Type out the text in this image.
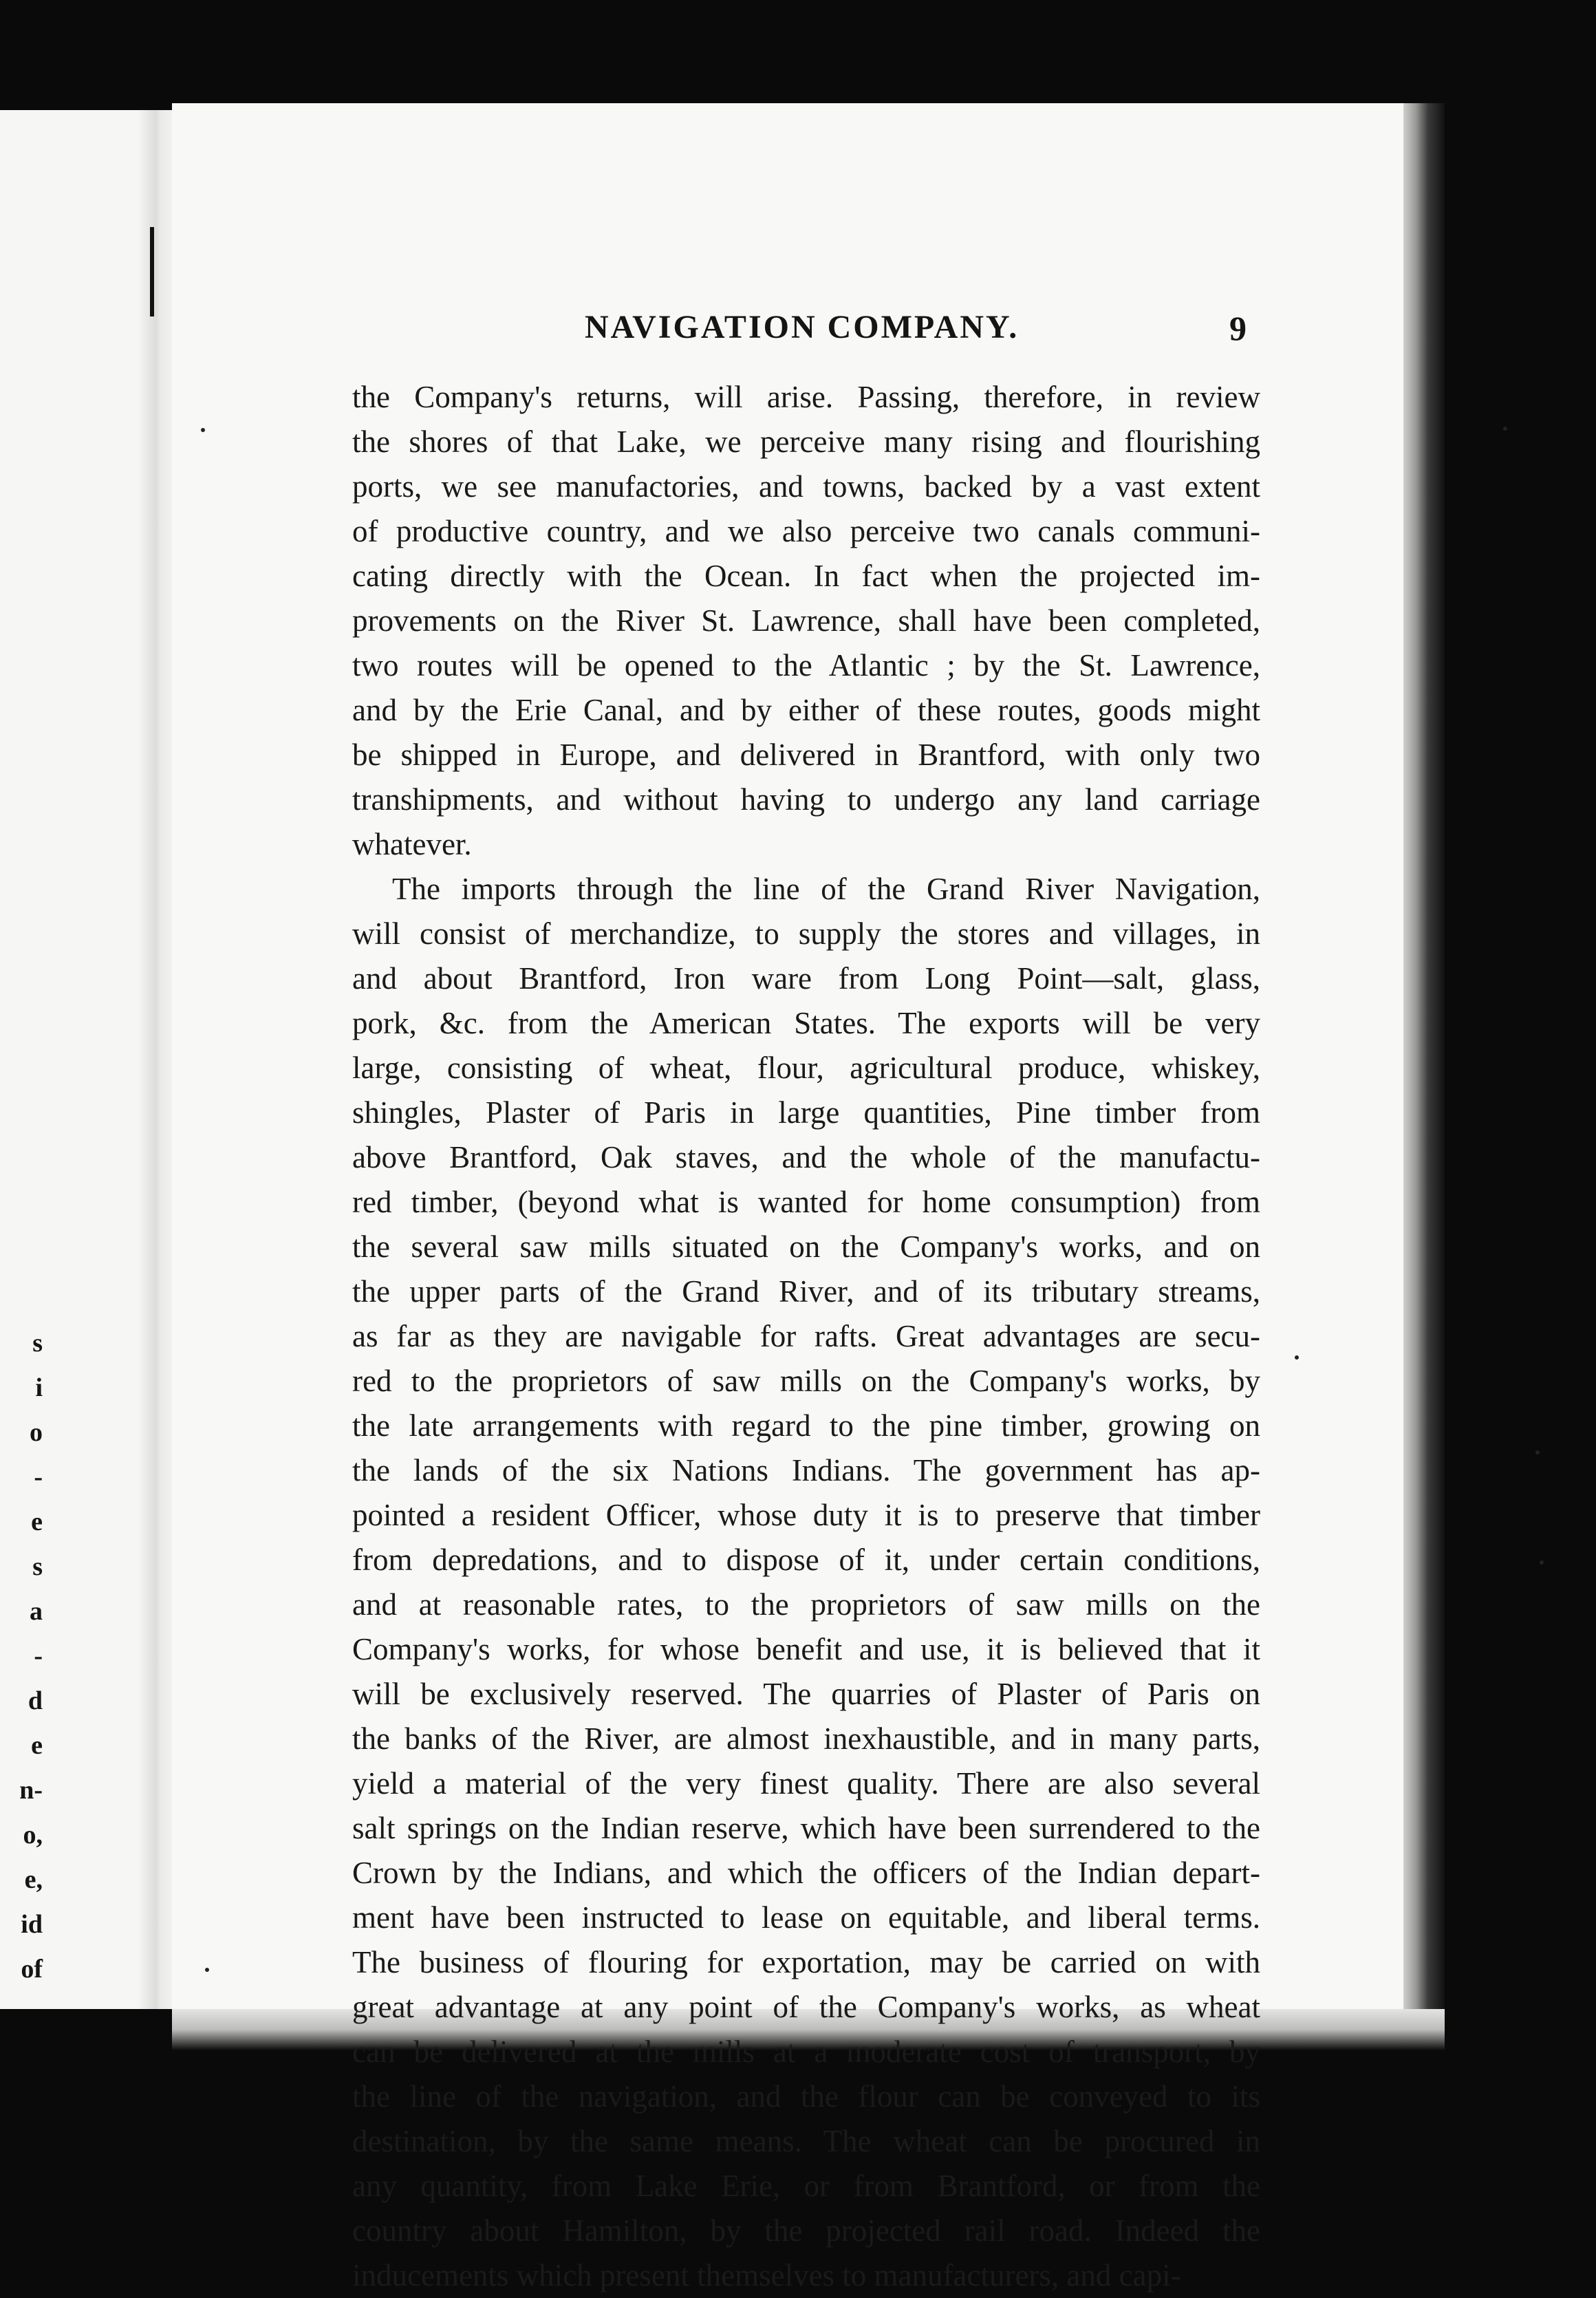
s
i
o
-
e
s
a
-
d
e
n-
o,
e,
id
of
NAVIGATION COMPANY.	9
the Company's returns, will arise. Passing, therefore, in review
the shores of that Lake, we perceive many rising and flourishing
ports, we see manufactories, and towns, backed by a vast extent
of productive country, and we also perceive two canals communi-
cating directly with the Ocean. In fact when the projected im-
provements on the River St. Lawrence, shall have been completed,
two routes will be opened to the Atlantic ; by the St. Lawrence,
and by the Erie Canal, and by either of these routes, goods might
be shipped in Europe, and delivered in Brantford, with only two
transhipments, and without having to undergo any land carriage
whatever.
The imports through the line of the Grand River Navigation,
will consist of merchandize, to supply the stores and villages, in
and about Brantford, Iron ware from Long Point—salt, glass,
pork, &c. from the American States. The exports will be very
large, consisting of wheat, flour, agricultural produce, whiskey,
shingles, Plaster of Paris in large quantities, Pine timber from
above Brantford, Oak staves, and the whole of the manufactu-
red timber, (beyond what is wanted for home consumption) from
the several saw mills situated on the Company's works, and on
the upper parts of the Grand River, and of its tributary streams,
as far as they are navigable for rafts. Great advantages are secu-
red to the proprietors of saw mills on the Company's works, by
the late arrangements with regard to the pine timber, growing on
the lands of the six Nations Indians. The government has ap-
pointed a resident Officer, whose duty it is to preserve that timber
from depredations, and to dispose of it, under certain conditions,
and at reasonable rates, to the proprietors of saw mills on the
Company's works, for whose benefit and use, it is believed that it
will be exclusively reserved. The quarries of Plaster of Paris on
the banks of the River, are almost inexhaustible, and in many parts,
yield a material of the very finest quality. There are also several
salt springs on the Indian reserve, which have been surrendered to the
Crown by the Indians, and which the officers of the Indian depart-
ment have been instructed to lease on equitable, and liberal terms.
The business of flouring for exportation, may be carried on with
great advantage at any point of the Company's works, as wheat
can be delivered at the mills at a moderate cost of transport, by
the line of the navigation, and the flour can be conveyed to its
destination, by the same means. The wheat can be procured in
any quantity, from Lake Erie, or from Brantford, or from the
country about Hamilton, by the projected rail road. Indeed the
inducements which present themselves to manufacturers, and capi-
